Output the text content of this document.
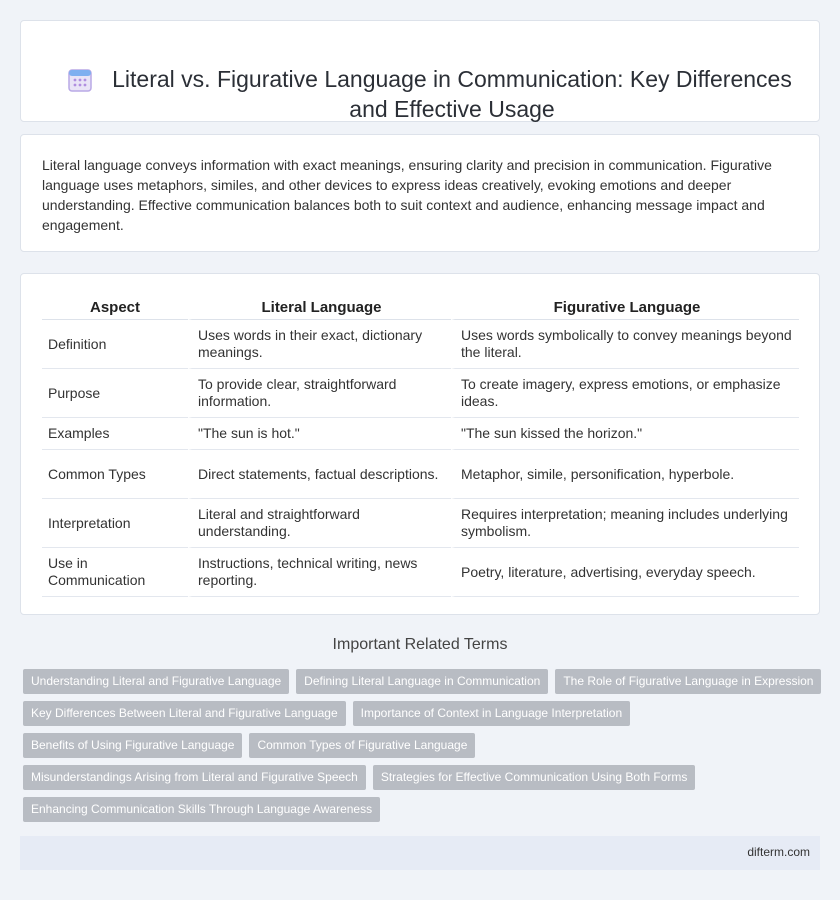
Literal vs. Figurative Language in Communication: Key Differences and Effective Usage

Literal language conveys information with exact meanings, ensuring clarity and precision in communication. Figurative language uses metaphors, similes, and other devices to express ideas creatively, evoking emotions and deeper understanding. Effective communication balances both to suit context and audience, enhancing message impact and engagement.

Aspect	Literal Language	Figurative Language
Definition	Uses words in their exact, dictionary meanings.	Uses words symbolically to convey meanings beyond the literal.
Purpose	To provide clear, straightforward information.	To create imagery, express emotions, or emphasize ideas.
Examples	"The sun is hot."	"The sun kissed the horizon."
Common Types	Direct statements, factual descriptions.	Metaphor, simile, personification, hyperbole.
Interpretation	Literal and straightforward understanding.	Requires interpretation; meaning includes underlying symbolism.
Use in Communication	Instructions, technical writing, news reporting.	Poetry, literature, advertising, everyday speech.
Important Related Terms
Understanding Literal and Figurative Language	Defining Literal Language in Communication	The Role of Figurative Language in Expression
Key Differences Between Literal and Figurative Language	Importance of Context in Language Interpretation
Benefits of Using Figurative Language	Common Types of Figurative Language
Misunderstandings Arising from Literal and Figurative Speech	Strategies for Effective Communication Using Both Forms
Enhancing Communication Skills Through Language Awareness
difterm.com
